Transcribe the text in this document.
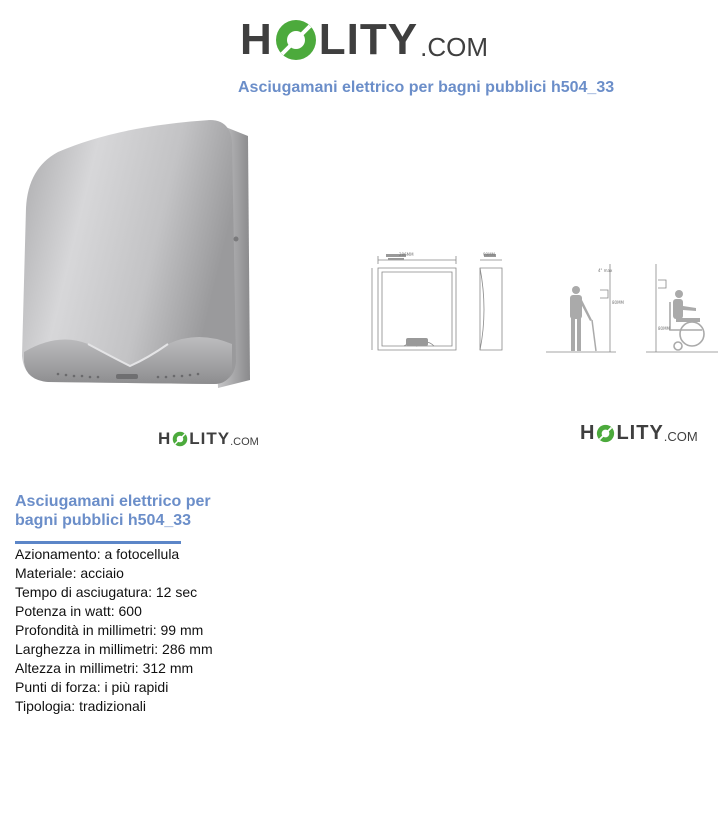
H LITY .COM
Asciugamani elettrico per bagni pubblici h504_33
286MM	99MM
4" max
80MM
80MM
H LITY .COM	H LITY .COM
Asciugamani elettrico per bagni pubblici h504_33
Azionamento: a fotocellula
Materiale: acciaio
Tempo di asciugatura: 12 sec
Potenza in watt: 600
Profondità in millimetri: 99 mm
Larghezza in millimetri: 286 mm
Altezza in millimetri: 312 mm
Punti di forza: i più rapidi
Tipologia: tradizionali
